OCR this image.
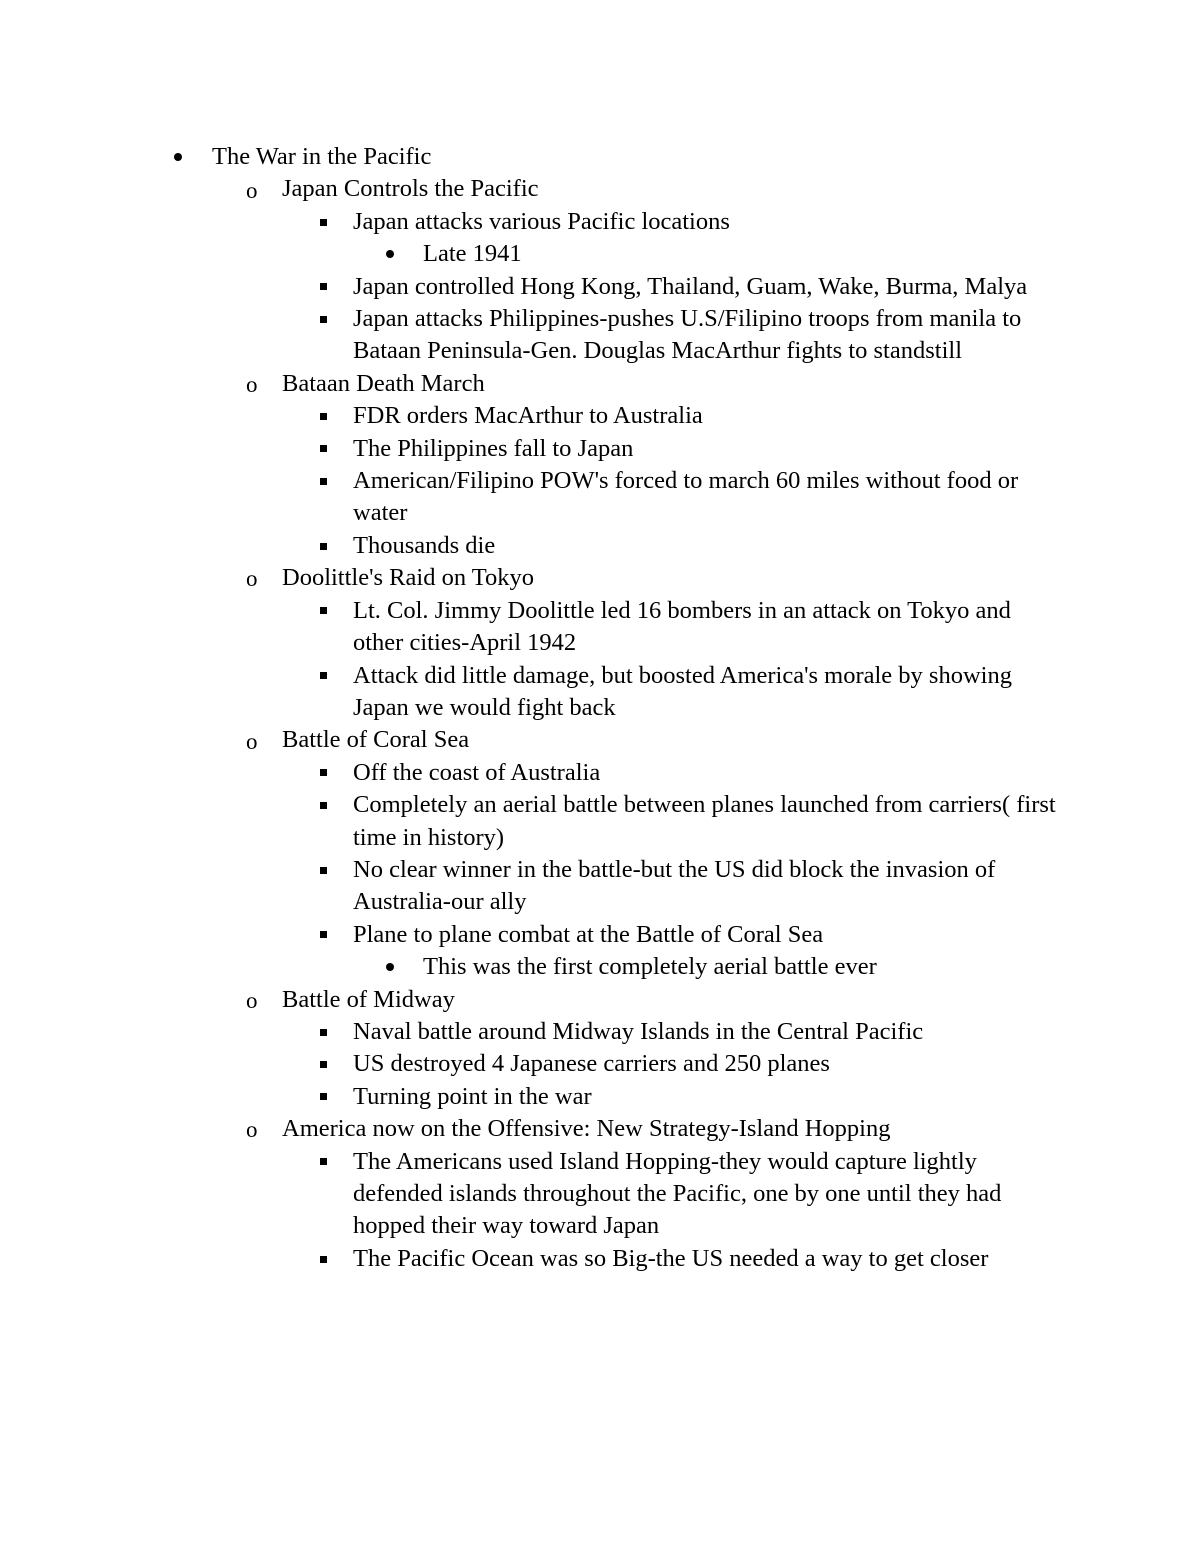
The War in the Pacific
o Japan Controls the Pacific
Japan attacks various Pacific locations
Late 1941
Japan controlled Hong Kong, Thailand, Guam, Wake, Burma, Malya
Japan attacks Philippines-pushes U.S/Filipino troops from manila to Bataan Peninsula-Gen. Douglas MacArthur fights to standstill
o Bataan Death March
FDR orders MacArthur to Australia
The Philippines fall to Japan
American/Filipino POW's forced to march 60 miles without food or water
Thousands die
o Doolittle's Raid on Tokyo
Lt. Col. Jimmy Doolittle led 16 bombers in an attack on Tokyo and other cities-April 1942
Attack did little damage, but boosted America's morale by showing Japan we would fight back
o Battle of Coral Sea
Off the coast of Australia
Completely an aerial battle between planes launched from carriers( first time in history)
No clear winner in the battle-but the US did block the invasion of Australia-our ally
Plane to plane combat at the Battle of Coral Sea
This was the first completely aerial battle ever
o Battle of Midway
Naval battle around Midway Islands in the Central Pacific
US destroyed 4 Japanese carriers and 250 planes
Turning point in the war
o America now on the Offensive: New Strategy-Island Hopping
The Americans used Island Hopping-they would capture lightly defended islands throughout the Pacific, one by one until they had hopped their way toward Japan
The Pacific Ocean was so Big-the US needed a way to get closer
